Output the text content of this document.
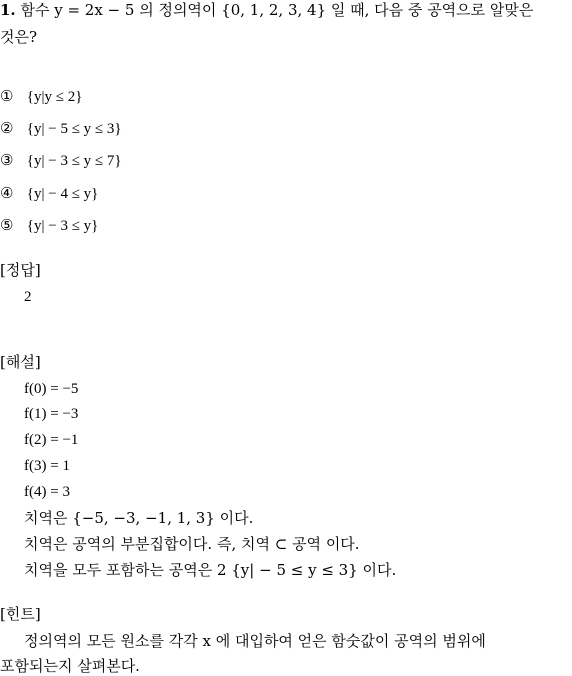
1. 함수 y = 2x − 5 의 정의역이 {0, 1, 2, 3, 4} 일 때, 다음 중 공역으로 알맞은
것은?
① {y|y ≤ 2}
② {y| − 5 ≤ y ≤ 3}
③ {y| − 3 ≤ y ≤ 7}
④ {y| − 4 ≤ y}
⑤ {y| − 3 ≤ y}
[정답]
2
[해설]
f(0) = −5
f(1) = −3
f(2) = −1
f(3) = 1
f(4) = 3
치역은 {−5, −3, −1, 1, 3} 이다.
치역은 공역의 부분집합이다. 즉, 치역 ⊂ 공역 이다.
치역을 모두 포함하는 공역은 2 {y| − 5 ≤ y ≤ 3} 이다.
[힌트]
정의역의 모든 원소를 각각 x 에 대입하여 얻은 함숫값이 공역의 범위에
포함되는지 살펴본다.
